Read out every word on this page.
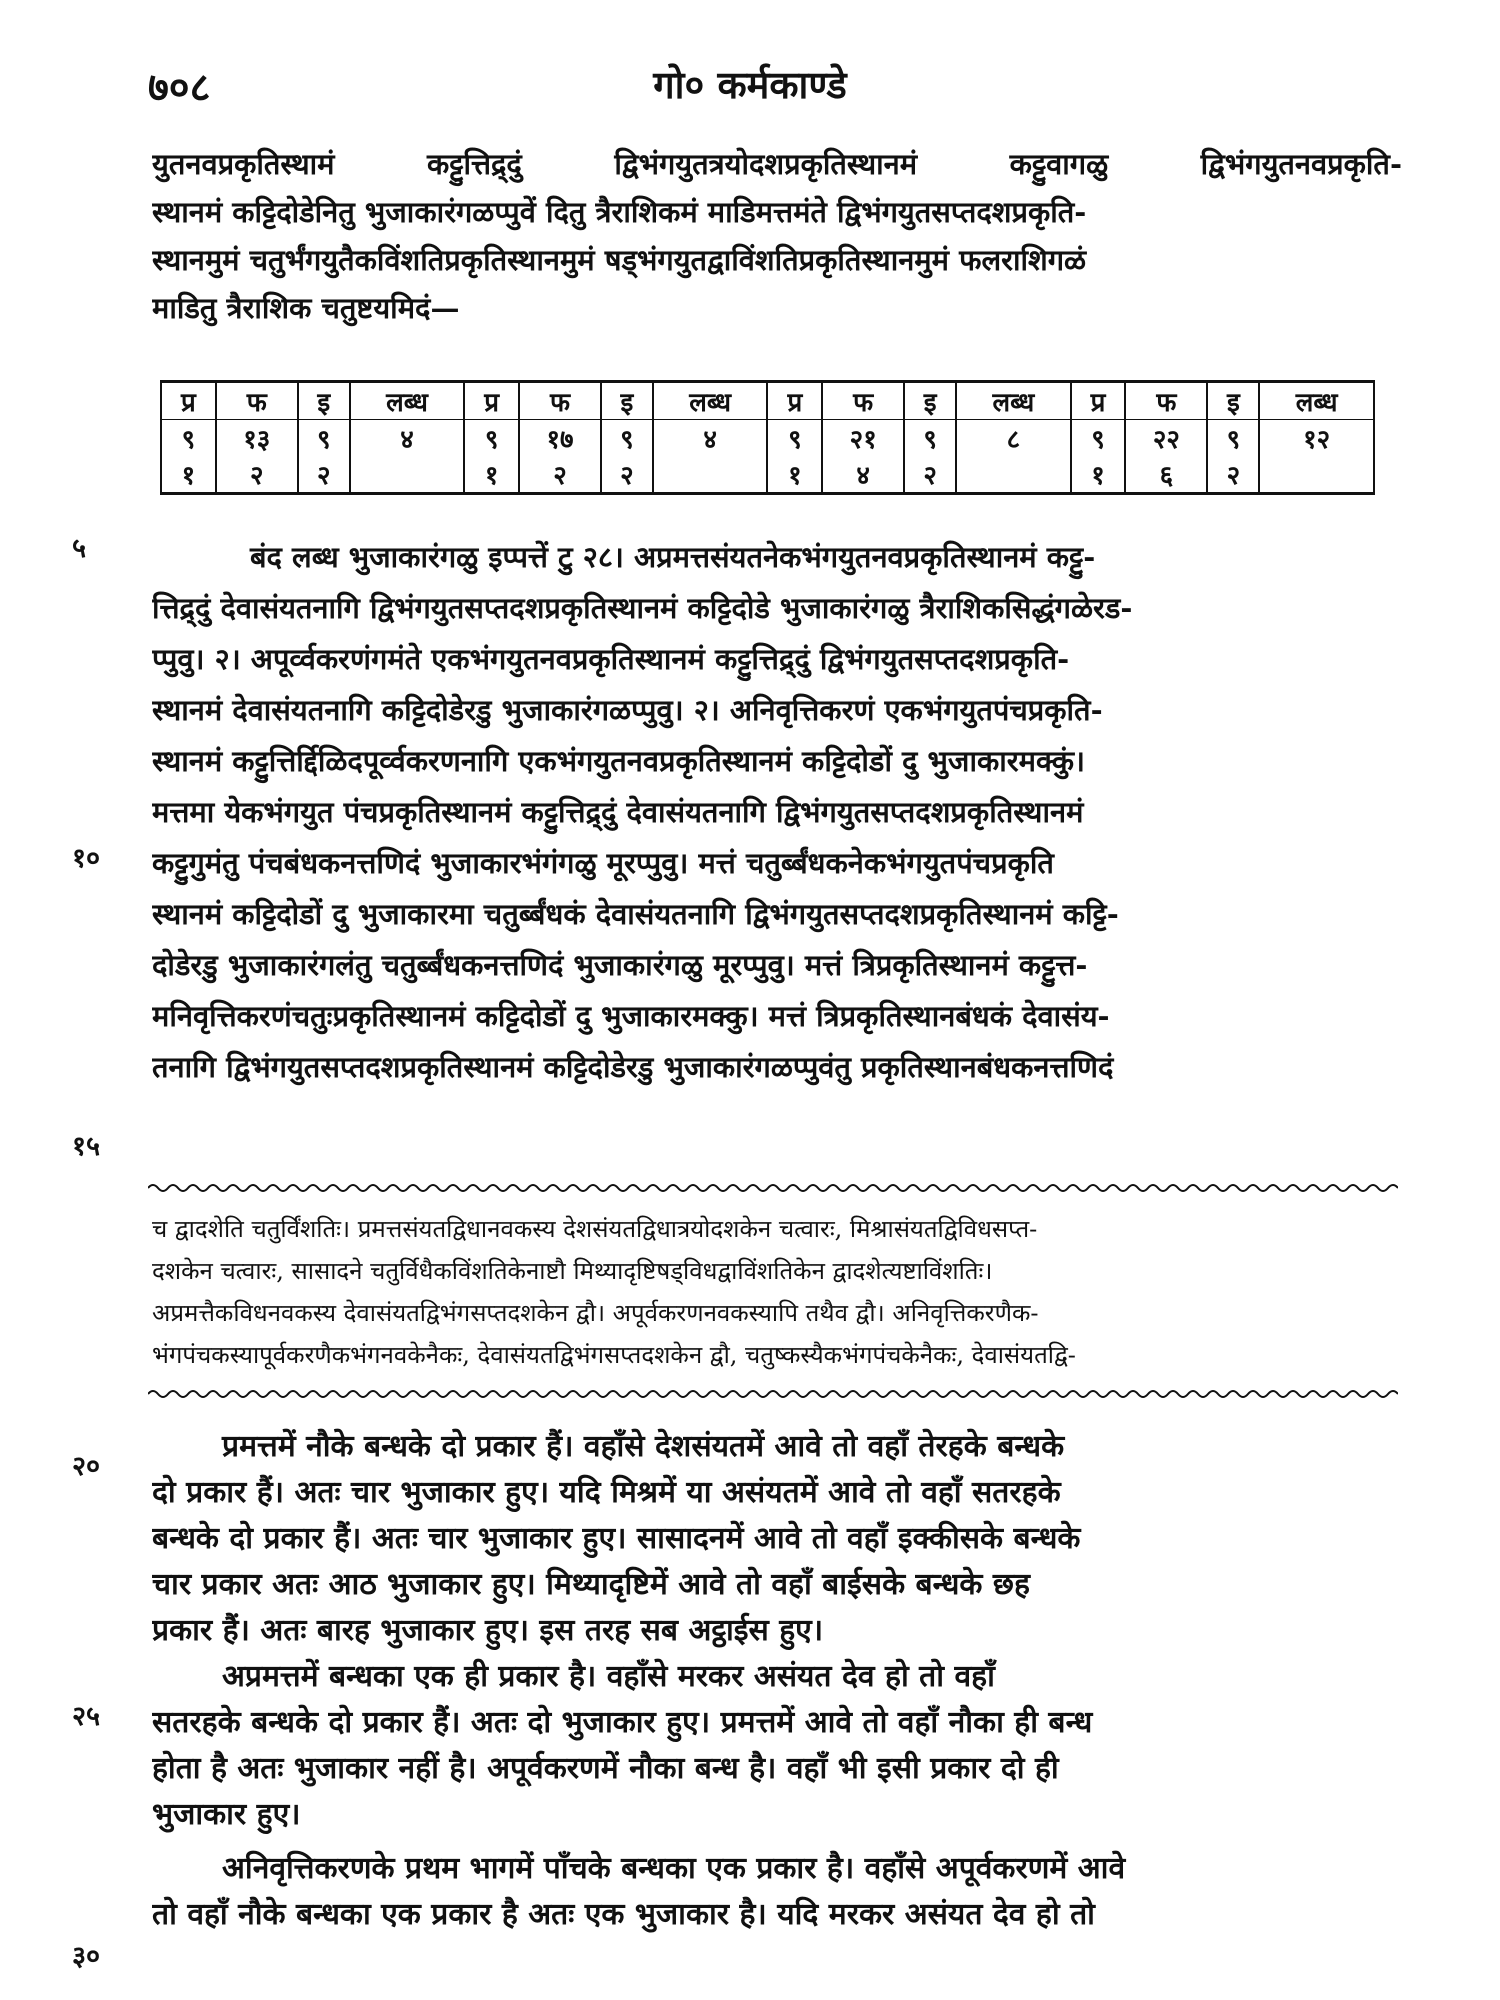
७०८	गो० कर्मकाण्डे
युतनवप्रकृतिस्थामं कट्टुत्तिद्र्दुं द्विभंगयुतत्रयोदशप्रकृतिस्थानमं कट्टुवागळु द्विभंगयुतनवप्रकृति-
स्थानमं कट्टिदोडेनितु भुजाकारंगळप्पुवें दितु त्रैराशिकमं माडिमत्तमंते द्विभंगयुतसप्तदशप्रकृति-
स्थानमुमं चतुर्भंगयुतैकविंशतिप्रकृतिस्थानमुमं षड्भंगयुतद्वाविंशतिप्रकृतिस्थानमुमं फलराशिगळं
माडितु त्रैराशिक चतुष्टयमिदं—
प्र	फ	इ	लब्ध	प्र	फ	इ	लब्ध	प्र	फ	इ	लब्ध	प्र	फ	इ	लब्ध
९	१३	९	४	९	१७	९	४	९	२१	९	८	९	२२	९	१२
१	२	२		१	२	२		१	४	२		१	६	२	
५
१०
१५
२०
२५
३०
बंद लब्ध भुजाकारंगळु इप्पत्तें टु २८। अप्रमत्तसंयतनेकभंगयुतनवप्रकृतिस्थानमं कट्टु-
त्तिद्र्दुं देवासंयतनागि द्विभंगयुतसप्तदशप्रकृतिस्थानमं कट्टिदोडे भुजाकारंगळु त्रैराशिकसिद्धंगळेरड-
प्पुवु। २। अपूर्व्वकरणंगमंते एकभंगयुतनवप्रकृतिस्थानमं कट्टुत्तिद्र्दुं द्विभंगयुतसप्तदशप्रकृति-
स्थानमं देवासंयतनागि कट्टिदोडेरडु भुजाकारंगळप्पुवु। २। अनिवृत्तिकरणं एकभंगयुतपंचप्रकृति-
स्थानमं कट्टुत्तिर्द्दिळिदपूर्व्वकरणनागि एकभंगयुतनवप्रकृतिस्थानमं कट्टिदोडों दु भुजाकारमक्कुं।
मत्तमा येकभंगयुत पंचप्रकृतिस्थानमं कट्टुत्तिद्र्दुं देवासंयतनागि द्विभंगयुतसप्तदशप्रकृतिस्थानमं
कट्टुगुमंतु पंचबंधकनत्तणिदं भुजाकारभंगंगळु मूरप्पुवु। मत्तं चतुर्ब्बंधकनेकभंगयुतपंचप्रकृति
स्थानमं कट्टिदोडों दु भुजाकारमा चतुर्ब्बंधकं देवासंयतनागि द्विभंगयुतसप्तदशप्रकृतिस्थानमं कट्टि-
दोडेरडु भुजाकारंगलंतु चतुर्ब्बंधकनत्तणिदं भुजाकारंगळु मूरप्पुवु। मत्तं त्रिप्रकृतिस्थानमं कट्टुत्त-
मनिवृत्तिकरणंचतुःप्रकृतिस्थानमं कट्टिदोडों दु भुजाकारमक्कु। मत्तं त्रिप्रकृतिस्थानबंधकं देवासंय-
तनागि द्विभंगयुतसप्तदशप्रकृतिस्थानमं कट्टिदोडेरडु भुजाकारंगळप्पुवंतु प्रकृतिस्थानबंधकनत्तणिदं
च द्वादशेति चतुर्विंशतिः। प्रमत्तसंयतद्विधानवकस्य देशसंयतद्विधात्रयोदशकेन चत्वारः, मिश्रासंयतद्विविधसप्त-
दशकेन चत्वारः, सासादने चतुर्विधैकविंशतिकेनाष्टौ मिथ्यादृष्टिषड्विधद्वाविंशतिकेन द्वादशेत्यष्टाविंशतिः।
अप्रमत्तैकविधनवकस्य देवासंयतद्विभंगसप्तदशकेन द्वौ। अपूर्वकरणनवकस्यापि तथैव द्वौ। अनिवृत्तिकरणैक-
भंगपंचकस्यापूर्वकरणैकभंगनवकेनैकः, देवासंयतद्विभंगसप्तदशकेन द्वौ, चतुष्कस्यैकभंगपंचकेनैकः, देवासंयतद्वि-
प्रमत्तमें नौके बन्धके दो प्रकार हैं। वहाँसे देशसंयतमें आवे तो वहाँ तेरहके बन्धके
दो प्रकार हैं। अतः चार भुजाकार हुए। यदि मिश्रमें या असंयतमें आवे तो वहाँ सतरहके
बन्धके दो प्रकार हैं। अतः चार भुजाकार हुए। सासादनमें आवे तो वहाँ इक्कीसके बन्धके
चार प्रकार अतः आठ भुजाकार हुए। मिथ्यादृष्टिमें आवे तो वहाँ बाईसके बन्धके छह
प्रकार हैं। अतः बारह भुजाकार हुए। इस तरह सब अट्ठाईस हुए।
अप्रमत्तमें बन्धका एक ही प्रकार है। वहाँसे मरकर असंयत देव हो तो वहाँ
सतरहके बन्धके दो प्रकार हैं। अतः दो भुजाकार हुए। प्रमत्तमें आवे तो वहाँ नौका ही बन्ध
होता है अतः भुजाकार नहीं है। अपूर्वकरणमें नौका बन्ध है। वहाँ भी इसी प्रकार दो ही
भुजाकार हुए।
अनिवृत्तिकरणके प्रथम भागमें पाँचके बन्धका एक प्रकार है। वहाँसे अपूर्वकरणमें आवे
तो वहाँ नौके बन्धका एक प्रकार है अतः एक भुजाकार है। यदि मरकर असंयत देव हो तो
